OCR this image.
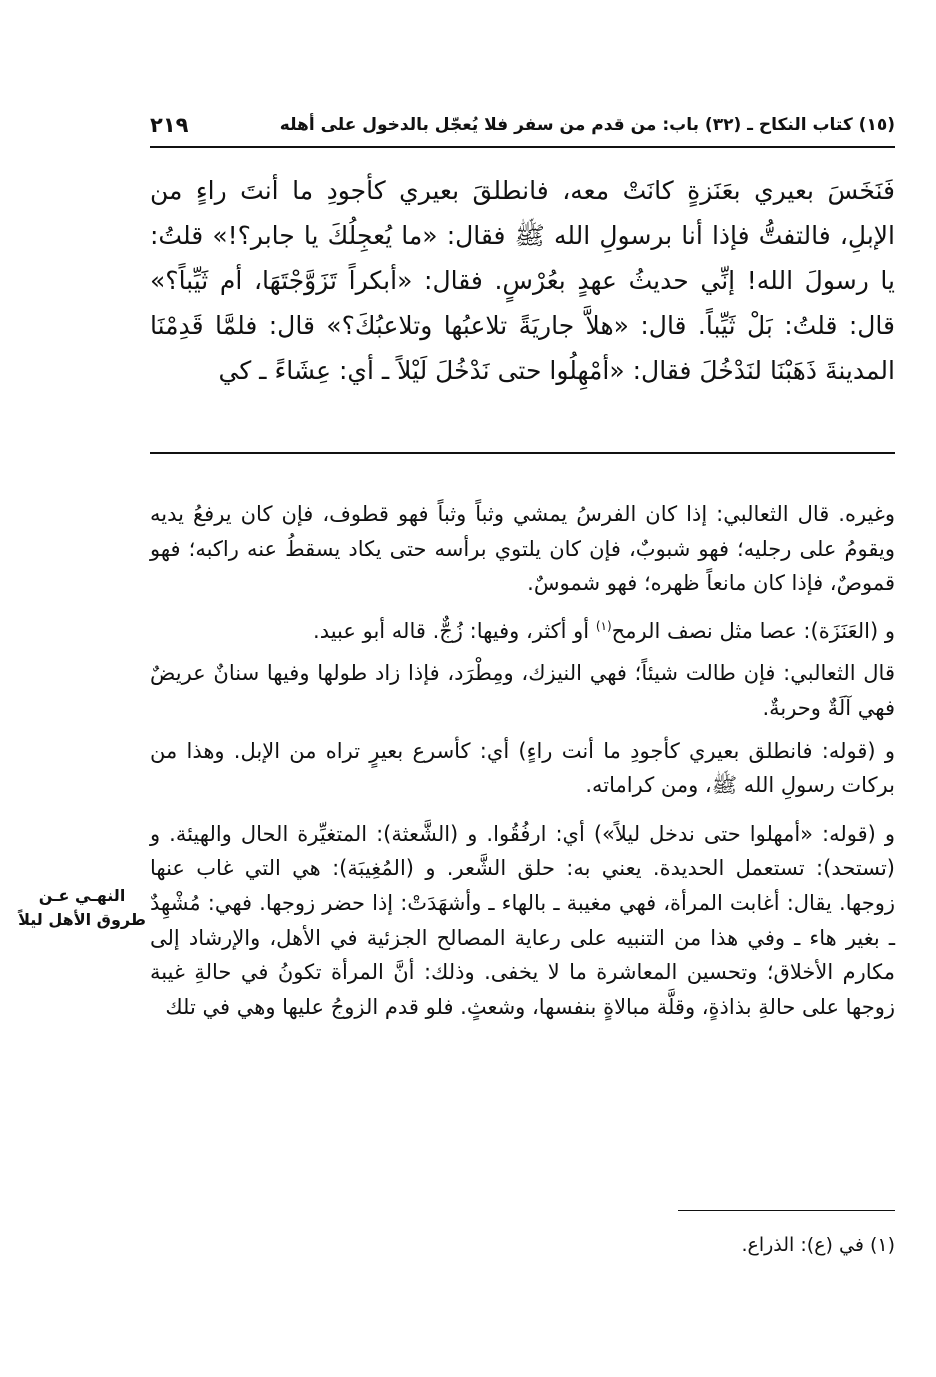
(١٥) كتاب النكاح ـ (٣٢) باب: من قدم من سفر فلا يُعجّل بالدخول على أهله
٢١٩

فَنَخَسَ بعيري بعَنَزةٍ كانَتْ معه، فانطلقَ بعيري كأجودِ ما أنتَ راءٍ من الإبلِ، فالتفتُّ فإذا أنا برسولِ الله ﷺ فقال: «ما يُعجِلُكَ يا جابر؟!» قلتُ: يا رسولَ الله! إنِّي حديثُ عهدٍ بعُرْسٍ. فقال: «أبكراً تَزَوَّجْتَهَا، أم ثَيِّباً؟» قال: قلتُ: بَلْ ثَيِّباً. قال: «هلاَّ جاريَةً تلاعبُها وتلاعبُكَ؟» قال: فلمَّا قَدِمْنَا المدينةَ ذَهَبْنَا لنَدْخُلَ فقال: «أمْهِلُوا حتى نَدْخُلَ لَيْلاً ـ أي: عِشَاءً ـ كي

وغيره. قال الثعالبي: إذا كان الفرسُ يمشي وثباً وثباً فهو قطوف، فإن كان يرفعُ يديه ويقومُ على رجليه؛ فهو شبوبٌ، فإن كان يلتوي برأسه حتى يكاد يسقطُ عنه راكبه؛ فهو قموصٌ، فإذا كان مانعاً ظهره؛ فهو شموسٌ.

و (العَنَزَة): عصا مثل نصف الرمح$^{(١)}$ أو أكثر، وفيها: زُجٌّ. قاله أبو عبيد.

قال الثعالبي: فإن طالت شيئاً؛ فهي النيزك، ومِطْرَد، فإذا زاد طولها وفيها سنانٌ عريضٌ فهي آلَةٌ وحربةٌ.

و (قوله: فانطلق بعيري كأجودِ ما أنت راءٍ) أي: كأسرع بعيرٍ تراه من الإبل. وهذا من بركات رسولِ الله ﷺ، ومن كراماته.

و (قوله: «أمهلوا حتى ندخل ليلاً») أي: ارفُقُوا. و (الشَّعثة): المتغيِّرة الحال والهيئة. و (تستحد): تستعمل الحديدة. يعني به: حلق الشَّعر. و (المُغِيبَة): هي التي غاب عنها زوجها. يقال: أغابت المرأة، فهي مغيبة ـ بالهاء ـ وأشهَدَتْ: إذا حضر زوجها. فهي: مُشْهِدٌ ـ بغير هاء ـ وفي هذا من التنبيه على رعاية المصالح الجزئية في الأهل، والإرشاد إلى مكارم الأخلاق؛ وتحسين المعاشرة ما لا يخفى. وذلك: أنَّ المرأة تكونُ في حالةِ غيبة زوجها على حالةِ بذاذةٍ، وقلَّة مبالاةٍ بنفسها، وشعثٍ. فلو قدم الزوجُ عليها وهي في تلك

النهـي عـن طروق الأهل ليلاً
(١) في (ع): الذراع.
